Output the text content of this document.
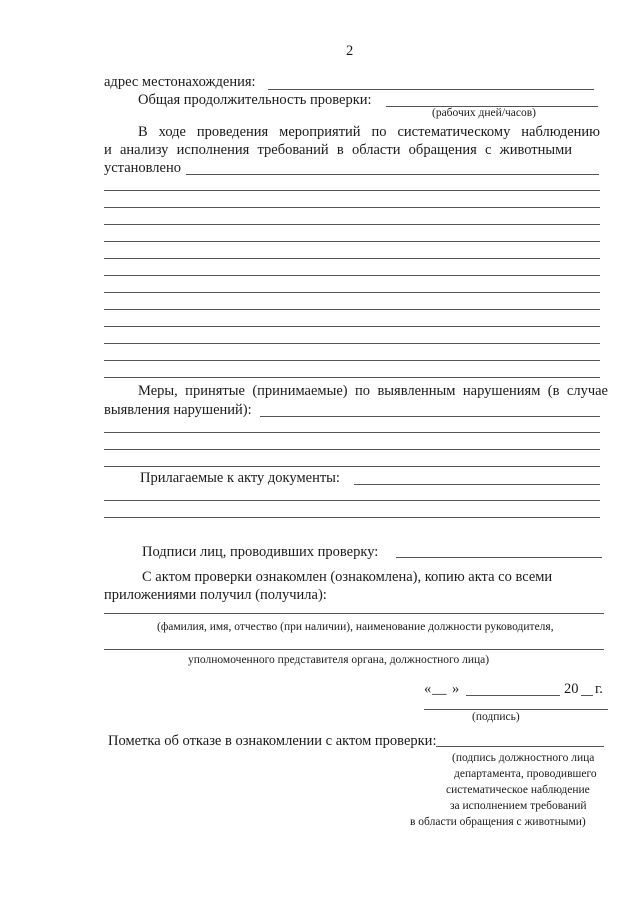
2
адрес местонахождения:
Общая продолжительность проверки:
(рабочих дней/часов)
В ходе проведения мероприятий по систематическому наблюдению
и анализу исполнения требований в области обращения с животными
установлено
Меры, принятые (принимаемые) по выявленным нарушениям (в случае
выявления нарушений):
Прилагаемые к акту документы:
Подписи лиц, проводивших проверку:
С актом проверки ознакомлен (ознакомлена), копию акта со всеми
приложениями получил (получила):
(фамилия, имя, отчество (при наличии), наименование должности руководителя,
уполномоченного представителя органа, должностного лица)
« __ »	20 г.
(подпись)
Пометка об отказе в ознакомлении с актом проверки:
(подпись должностного лица
департамента, проводившего
систематическое наблюдение
за исполнением требований
в области обращения с животными)
